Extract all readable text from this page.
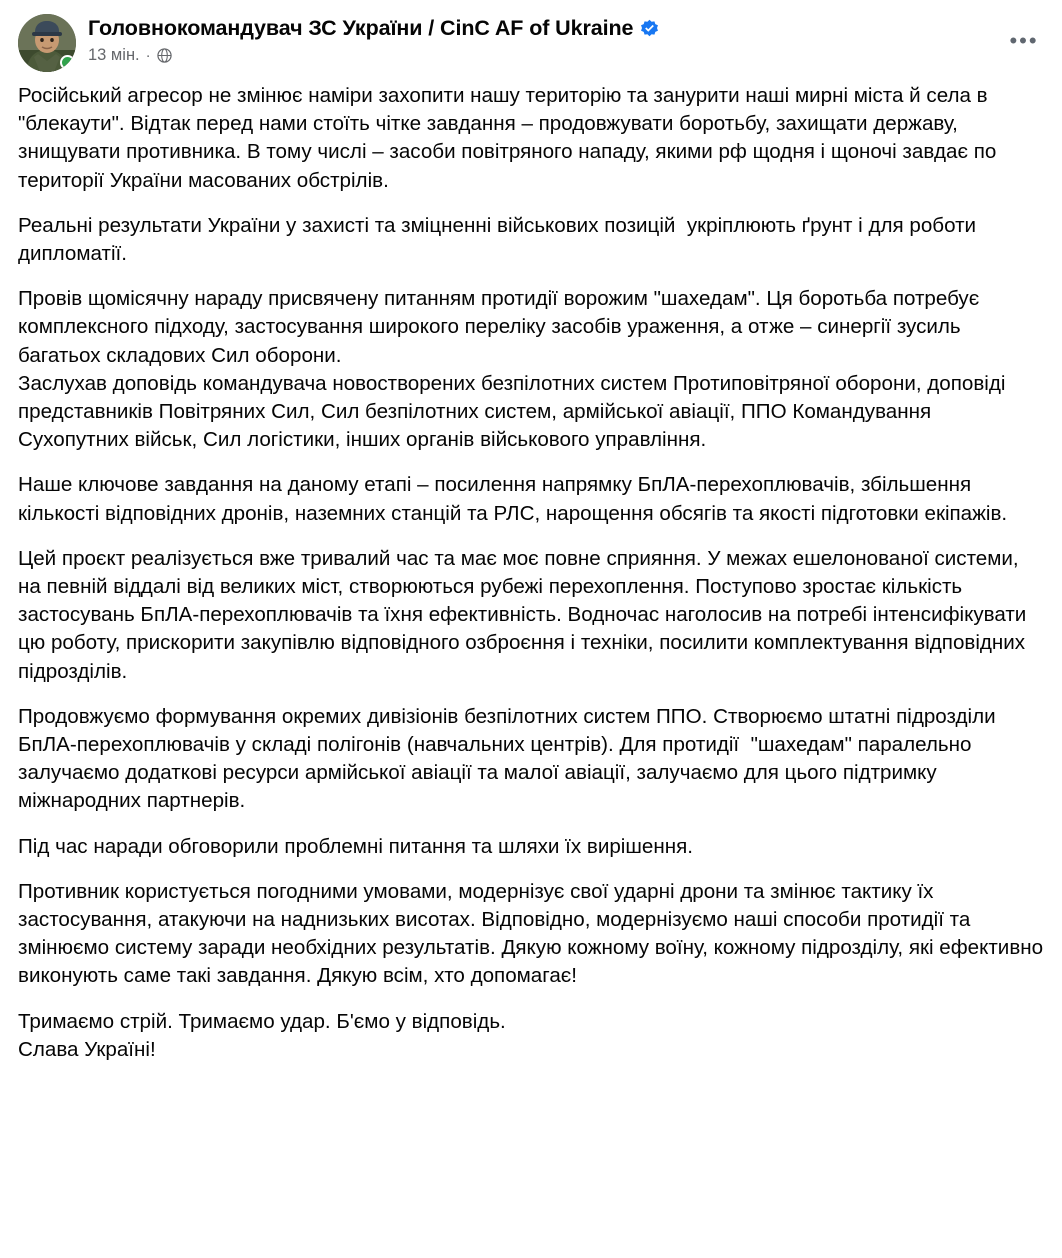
Головнокомандувач ЗС України / CinC AF of Ukraine
13 мін. ·
•••

Російський агресор не змінює наміри захопити нашу територію та занурити наші мирні міста й села в "блекаути". Відтак перед нами стоїть чітке завдання – продовжувати боротьбу, захищати державу, знищувати противника. В тому числі – засоби повітряного нападу, якими рф щодня і щоночі завдає по території України масованих обстрілів.

Реальні результати України у захисті та зміцненні військових позицій  укріплюють ґрунт і для роботи дипломатії.

Провів щомісячну нараду присвячену питанням протидії ворожим "шахедам". Ця боротьба потребує комплексного підходу, застосування широкого переліку засобів ураження, а отже – синергії зусиль багатьох складових Сил оборони.

Заслухав доповідь командувача новостворених безпілотних систем Протиповітряної оборони, доповіді представників Повітряних Сил, Сил безпілотних систем, армійської авіації, ППО Командування Сухопутних військ, Сил логістики, інших органів військового управління.

Наше ключове завдання на даному етапі – посилення напрямку БпЛА-перехоплювачів, збільшення кількості відповідних дронів, наземних станцій та РЛС, нарощення обсягів та якості підготовки екіпажів.

Цей проєкт реалізується вже тривалий час та має моє повне сприяння. У межах ешелонованої системи, на певній віддалі від великих міст, створюються рубежі перехоплення. Поступово зростає кількість застосувань БпЛА-перехоплювачів та їхня ефективність. Водночас наголосив на потребі інтенсифікувати цю роботу, прискорити закупівлю відповідного озброєння і техніки, посилити комплектування відповідних підрозділів.

Продовжуємо формування окремих дивізіонів безпілотних систем ППО. Створюємо штатні підрозділи БпЛА-перехоплювачів у складі полігонів (навчальних центрів). Для протидії  "шахедам" паралельно залучаємо додаткові ресурси армійської авіації та малої авіації, залучаємо для цього підтримку міжнародних партнерів.

Під час наради обговорили проблемні питання та шляхи їх вирішення.

Противник користується погодними умовами, модернізує свої ударні дрони та змінює тактику їх застосування, атакуючи на наднизьких висотах. Відповідно, модернізуємо наші способи протидії та змінюємо систему заради необхідних результатів. Дякую кожному воїну, кожному підрозділу, які ефективно виконують саме такі завдання. Дякую всім, хто допомагає!

Тримаємо стрій. Тримаємо удар. Б'ємо у відповідь.

Слава Україні!
